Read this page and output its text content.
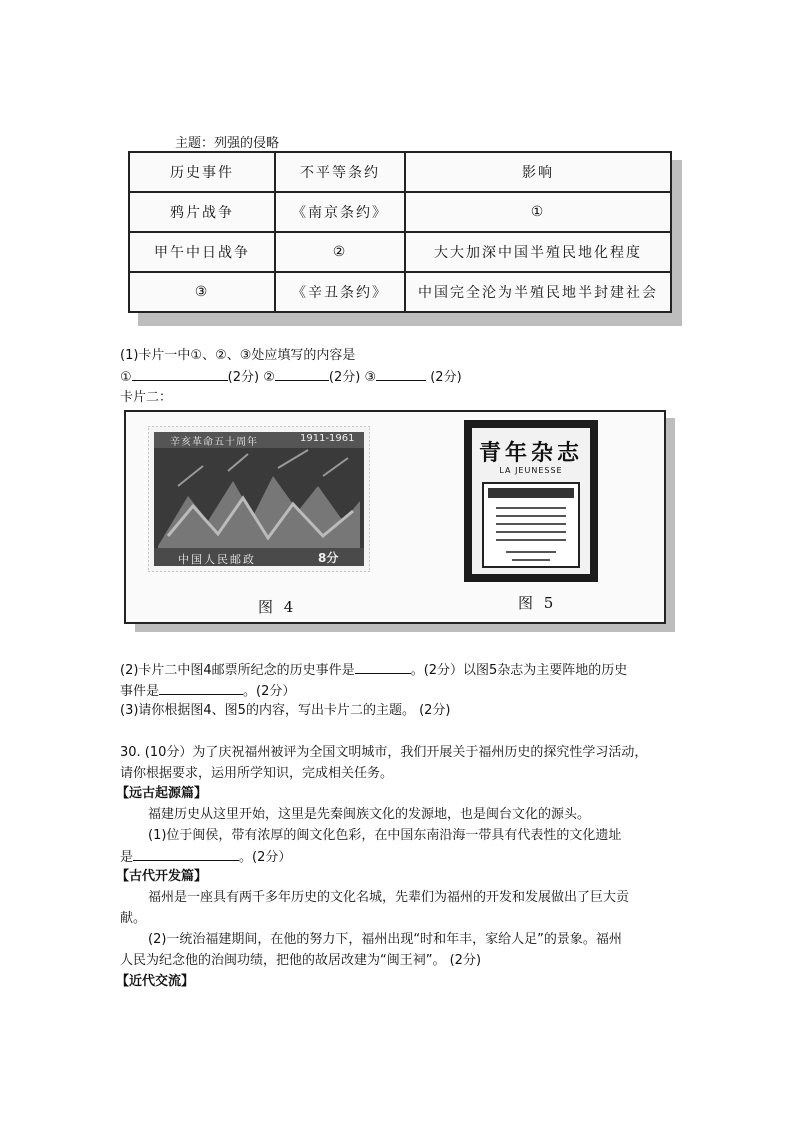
主题：列强的侵略
历史事件	不平等条约	影响
鸦片战争	《南京条约》	①
甲午中日战争	②	大大加深中国半殖民地化程度
③	《辛丑条约》	中国完全沦为半殖民地半封建社会
(1)卡片一中①、②、③处应填写的内容是
①	(2分) ②	(2分) ③	(2分)
卡片二：
辛亥革命五十周年	1911-1961
中国人民邮政	8分
图 4
青年杂志
LA JEUNESSE
图 5
(2)卡片二中图4邮票所纪念的历史事件是	。(2分）以图5杂志为主要阵地的历史
事件是	。(2分）
(3)请你根据图4、图5的内容，写出卡片二的主题。 (2分)
30. (10分）为了庆祝福州被评为全国文明城市，我们开展关于福州历史的探究性学习活动，
请你根据要求，运用所学知识，完成相关任务。
【远古起源篇】
福建历史从这里开始，这里是先秦闽族文化的发源地，也是闽台文化的源头。
(1)位于闽侯，带有浓厚的闽文化色彩，在中国东南沿海一带具有代表性的文化遗址
是	。(2分）
【古代开发篇】
福州是一座具有两千多年历史的文化名城，先辈们为福州的开发和发展做出了巨大贡
献。
(2)一统治福建期间，在他的努力下，福州出现“时和年丰，家给人足”的景象。福州
人民为纪念他的治闽功绩，把他的故居改建为“闽王祠”。 (2分)
【近代交流】
